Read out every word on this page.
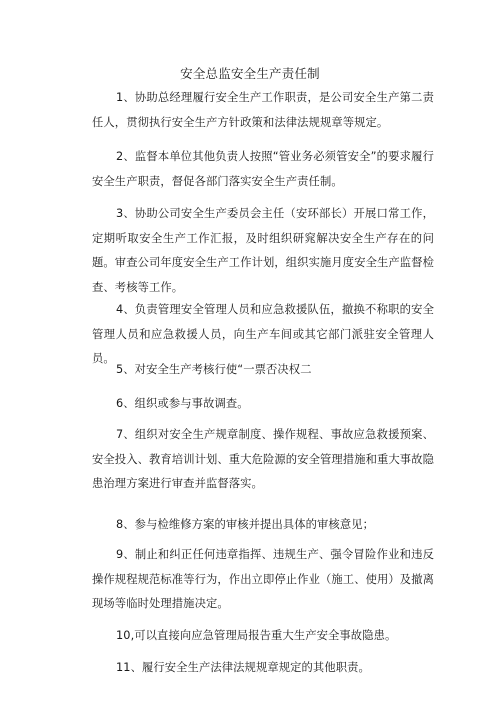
安全总监安全生产责任制

1、协助总经理履行安全生产工作职责，是公司安全生产第二责任人，贯彻执行安全生产方针政策和法律法规规章等规定。

2、监督本单位其他负责人按照“管业务必须管安全”的要求履行安全生产职责，督促各部门落实安全生产责任制。

3、协助公司安全生产委员会主任（安环部长）开展口常工作，定期听取安全生产工作汇报，及时组织研窕解决安全生产存在的问题。审查公司年度安全生产工作计划，组织实施月度安全生产监督检查、考核等工作。

4、负责管理安全管理人员和应急救援队伍，撤换不称职的安全管理人员和应急救援人员，向生产车间或其它部门派驻安全管理人员。

5、对安全生产考核行使“一票否决权二

6、组织或参与事故调查。

7、组织对安全生产规章制度、操作规程、事故应急救援预案、安全投入、教育培训计划、重大危险源的安全管理措施和重大事故隐患治理方案进行审查并监督落实。

8、参与检维修方案的审核并提出具体的审核意见；

9、制止和纠正任何违章指挥、违规生产、强令冒险作业和违反操作规程规范标准等行为，作出立即停止作业（施工、使用）及撤离现场等临时处理措施决定。

10,可以直接向应急管理局报告重大生产安全事故隐患。

11、履行安全生产法律法规规章规定的其他职责。
